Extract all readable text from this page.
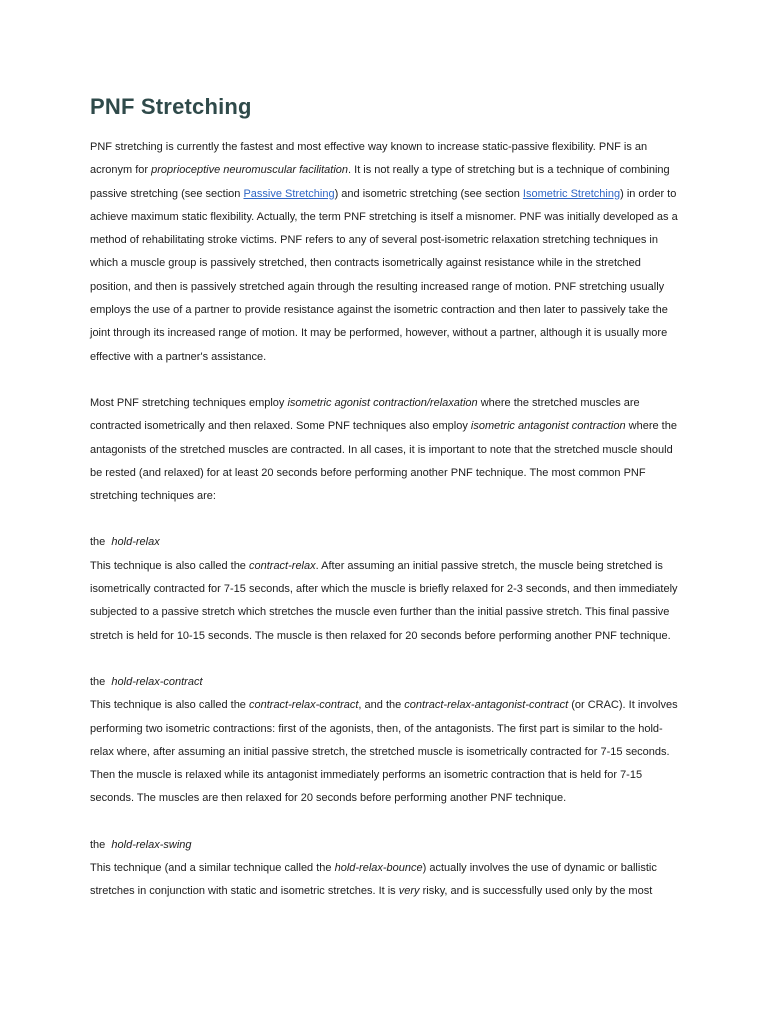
PNF Stretching

PNF stretching is currently the fastest and most effective way known to increase static-passive flexibility. PNF is an acronym for proprioceptive neuromuscular facilitation. It is not really a type of stretching but is a technique of combining passive stretching (see section Passive Stretching) and isometric stretching (see section Isometric Stretching) in order to achieve maximum static flexibility. Actually, the term PNF stretching is itself a misnomer. PNF was initially developed as a method of rehabilitating stroke victims. PNF refers to any of several post-isometric relaxation stretching techniques in which a muscle group is passively stretched, then contracts isometrically against resistance while in the stretched position, and then is passively stretched again through the resulting increased range of motion. PNF stretching usually employs the use of a partner to provide resistance against the isometric contraction and then later to passively take the joint through its increased range of motion. It may be performed, however, without a partner, although it is usually more effective with a partner's assistance.

Most PNF stretching techniques employ isometric agonist contraction/relaxation where the stretched muscles are contracted isometrically and then relaxed. Some PNF techniques also employ isometric antagonist contraction where the antagonists of the stretched muscles are contracted. In all cases, it is important to note that the stretched muscle should be rested (and relaxed) for at least 20 seconds before performing another PNF technique. The most common PNF stretching techniques are:

the  hold-relax

This technique is also called the contract-relax. After assuming an initial passive stretch, the muscle being stretched is isometrically contracted for 7-15 seconds, after which the muscle is briefly relaxed for 2-3 seconds, and then immediately subjected to a passive stretch which stretches the muscle even further than the initial passive stretch. This final passive stretch is held for 10-15 seconds. The muscle is then relaxed for 20 seconds before performing another PNF technique.

the  hold-relax-contract

This technique is also called the contract-relax-contract, and the contract-relax-antagonist-contract (or CRAC). It involves performing two isometric contractions: first of the agonists, then, of the antagonists. The first part is similar to the hold-relax where, after assuming an initial passive stretch, the stretched muscle is isometrically contracted for 7-15 seconds. Then the muscle is relaxed while its antagonist immediately performs an isometric contraction that is held for 7-15 seconds. The muscles are then relaxed for 20 seconds before performing another PNF technique.

the  hold-relax-swing

This technique (and a similar technique called the hold-relax-bounce) actually involves the use of dynamic or ballistic stretches in conjunction with static and isometric stretches. It is very risky, and is successfully used only by the most
